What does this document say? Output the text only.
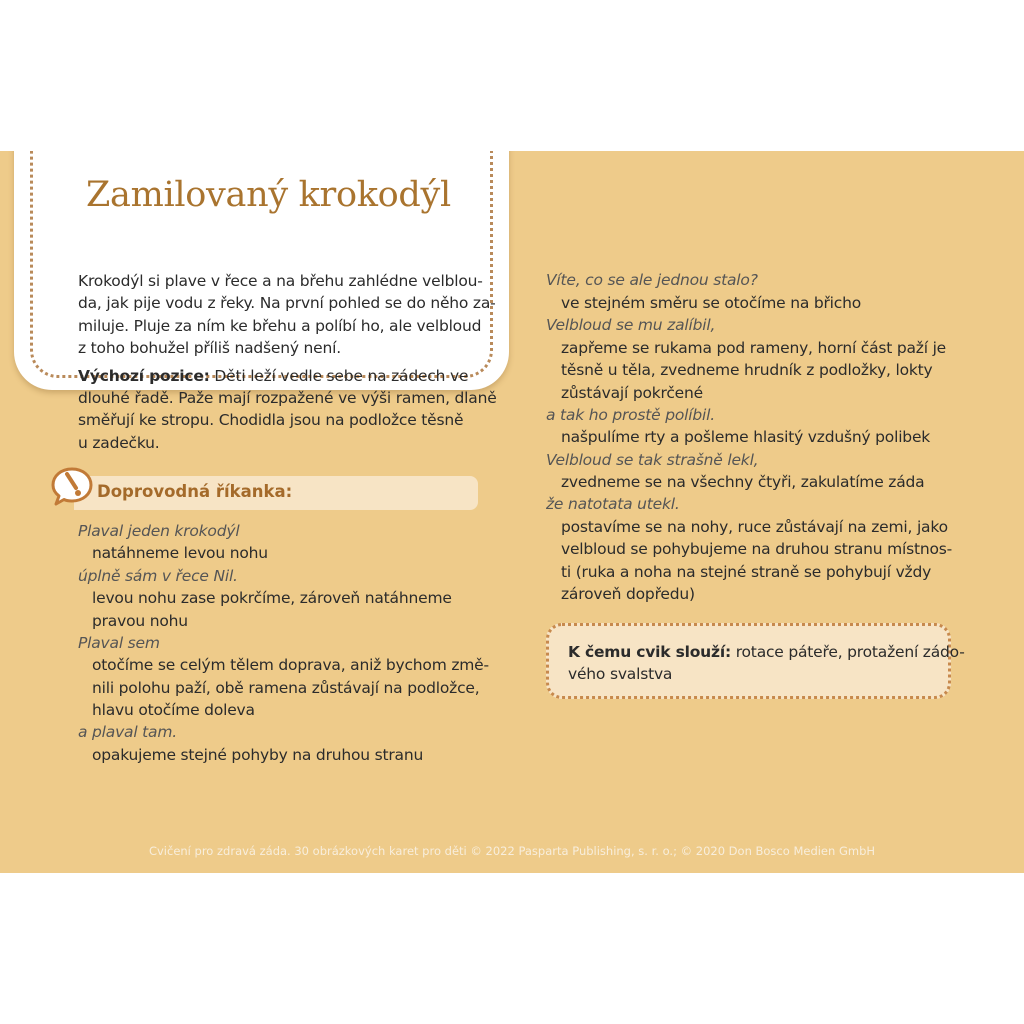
Zamilovaný krokodýl

Krokodýl si plave v řece a na břehu zahlédne velblou-

da, jak pije vodu z řeky. Na první pohled se do něho za-

miluje. Pluje za ním ke břehu a políbí ho, ale velbloud

z toho bohužel příliš nadšený není.

Výchozí pozice: Děti leží vedle sebe na zádech ve

dlouhé řadě. Paže mají rozpažené ve výši ramen, dlaně

směřují ke stropu. Chodidla jsou na podložce těsně

u zadečku.

Doprovodná říkanka:

Plaval jeden krokodýl

natáhneme levou nohu

úplně sám v řece Nil.

levou nohu zase pokrčíme, zároveň natáhneme

pravou nohu

Plaval sem

otočíme se celým tělem doprava, aniž bychom změ-

nili polohu paží, obě ramena zůstávají na podložce,

hlavu otočíme doleva

a plaval tam.

opakujeme stejné pohyby na druhou stranu

Víte, co se ale jednou stalo?

ve stejném směru se otočíme na břicho

Velbloud se mu zalíbil,

zapřeme se rukama pod rameny, horní část paží je

těsně u těla, zvedneme hrudník z podložky, lokty

zůstávají pokrčené

a tak ho prostě políbil.

našpulíme rty a pošleme hlasitý vzdušný polibek

Velbloud se tak strašně lekl,

zvedneme se na všechny čtyři, zakulatíme záda

že natotata utekl.

postavíme se na nohy, ruce zůstávají na zemi, jako

velbloud se pohybujeme na druhou stranu místnos-

ti (ruka a noha na stejné straně se pohybují vždy

zároveň dopředu)

K čemu cvik slouží: rotace páteře, protažení zádo-

vého svalstva

Cvičení pro zdravá záda. 30 obrázkových karet pro děti © 2022 Pasparta Publishing, s. r. o.; © 2020 Don Bosco Medien GmbH
